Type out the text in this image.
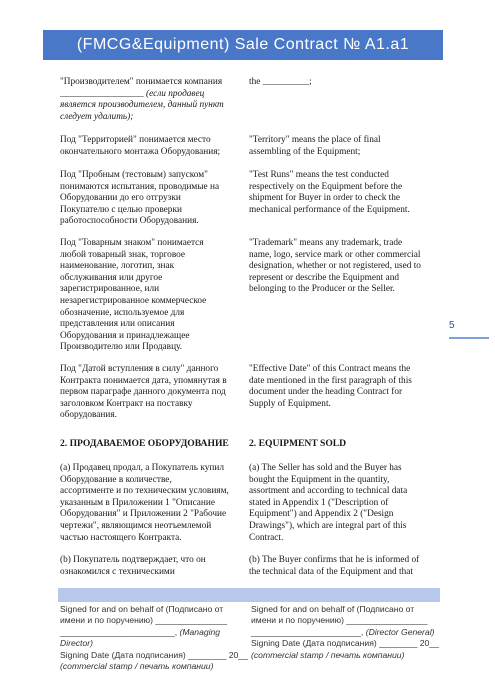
(FMCG&Equipment) Sale Contract № A1.a1
"Производителем" понимается компания
__________________ (если продавец
является производителем, данный пункт
следует удалить);
Под "Территорией" понимается место
окончательного монтажа Оборудования;
Под "Пробным (тестовым) запуском"
понимаются испытания, проводимые на
Оборудовании до его отгрузки
Покупателю с целью проверки
работоспособности Оборудования.
Под "Товарным знаком" понимается
любой товарный знак, торговое
наименование, логотип, знак
обслуживания или другое
зарегистрированное, или
незарегистрированное коммерческое
обозначение, используемое для
представления или описания
Оборудования и принадлежащее
Производителю или Продавцу.
Под "Датой вступления в силу" данного
Контракта понимается дата, упомянутая в
первом параграфе данного документа под
заголовком Контракт на поставку
оборудования.
2. ПРОДАВАЕМОЕ ОБОРУДОВАНИЕ
(а) Продавец продал, а Покупатель купил
Оборудование в количестве,
ассортименте и по техническим условиям,
указанным в Приложении 1 "Описание
Оборудования" и Приложении 2 "Рабочие
чертежи", являющимся неотъемлемой
частью настоящего Контракта.
(b) Покупатель подтверждает, что он
ознакомился с техническими
the __________;
"Territory" means the place of final
assembling of the Equipment;
"Test Runs" means the test conducted
respectively on the Equipment before the
shipment for Buyer in order to check the
mechanical performance of the Equipment.
"Trademark" means any trademark, trade
name, logo, service mark or other commercial
designation, whether or not registered, used to
represent or describe the Equipment and
belonging to the Producer or the Seller.
"Effective Date" of this Contract means the
date mentioned in the first paragraph of this
document under the heading Contract for
Supply of Equipment.
2. EQUIPMENT SOLD
(a) The Seller has sold and the Buyer has
bought the Equipment in the quantity,
assortment and according to technical data
stated in Appendix 1 ("Description of
Equipment") and Appendix 2 ("Design
Drawings"), which are integral part of this
Contract.
(b) The Buyer confirms that he is informed of
the technical data of the Equipment and that
5
Signed for and on behalf of (Подписано от
имени и по поручению) _______________
________________________, (Managing Director)
Signing Date (Дата подписания) ________ 20__
(commercial stamp / печать компании)
Signed for and on behalf of (Подписано от
имени и по поручению) _________________
_______________________, (Director General)
Signing Date (Дата подписания) ________ 20__
(commercial stamp / печать компании)
